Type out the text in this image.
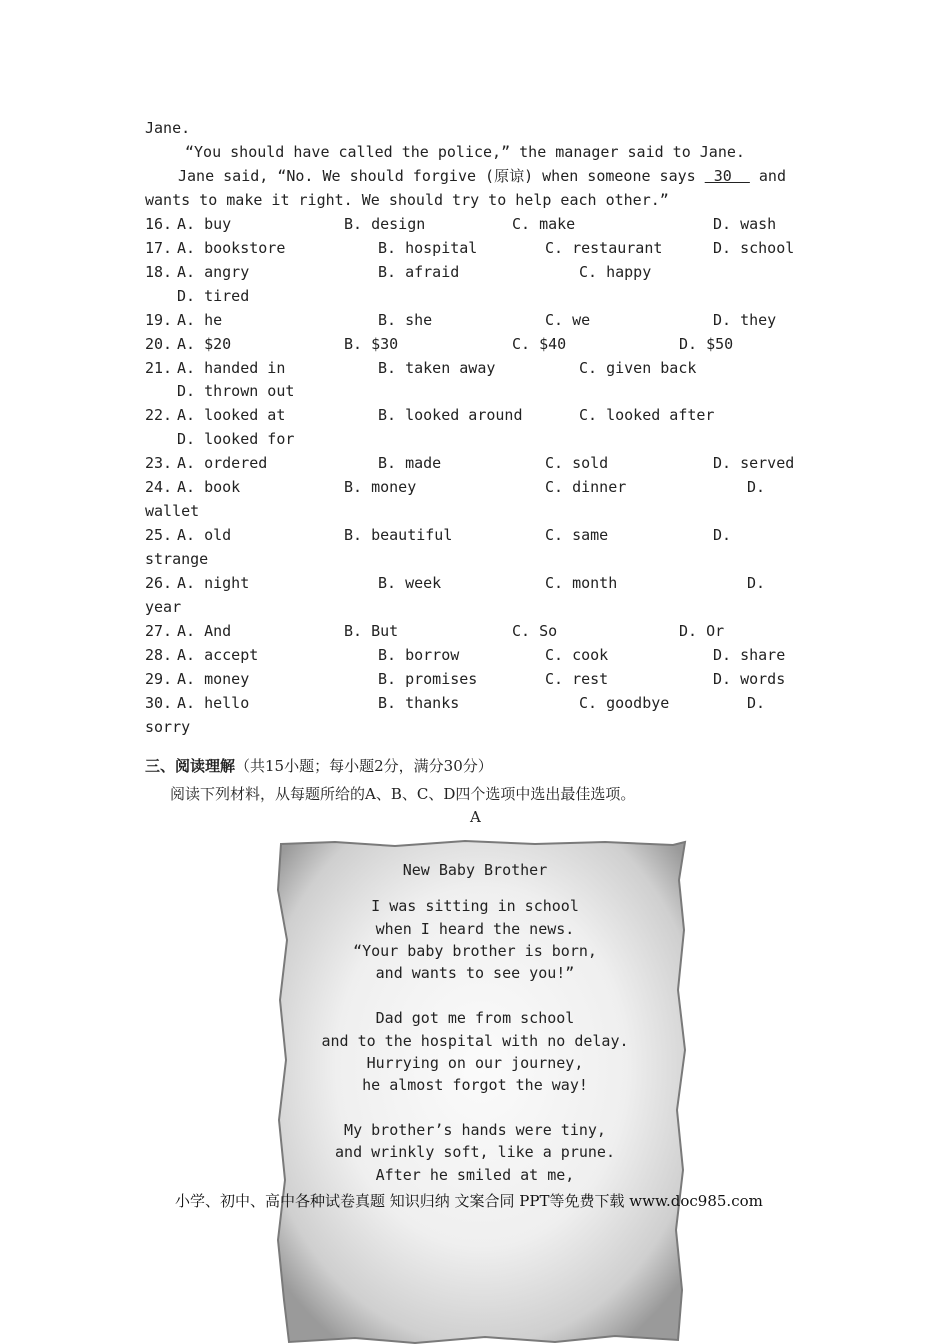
Jane.
“You should have called the police,” the manager said to Jane.
Jane said, “No. We should forgive (原谅) when someone says  30   and
wants to make it right. We should try to help each other.”
16. A. buy	B. design	C. make	D. wash
17. A. bookstore	B. hospital	C. restaurant	D. school
18. A. angry	B. afraid	C. happy
D. tired
19. A. he	B. she	C. we	D. they
20. A. $20	B. $30	C. $40	D. $50
21. A. handed in	B. taken away	C. given back
D. thrown out
22. A. looked at	B. looked around	C. looked after
D. looked for
23. A. ordered	B. made	C. sold	D. served
24. A. book	B. money	C. dinner	D.
wallet
25. A. old	B. beautiful	C. same	D.
strange
26. A. night	B. week	C. month	D.
year
27. A. And	B. But	C. So	D. Or
28. A. accept	B. borrow	C. cook	D. share
29. A. money	B. promises	C. rest	D. words
30. A. hello	B. thanks	C. goodbye	D.
sorry
三、阅读理解（共15小题；每小题2分，满分30分）
阅读下列材料，从每题所给的A、B、C、D四个选项中选出最佳选项。
A
New Baby Brother
I was sitting in school
when I heard the news.
“Your baby brother is born,
and wants to see you!”
Dad got me from school
and to the hospital with no delay.
Hurrying on our journey,
he almost forgot the way!
My brother’s hands were tiny,
and wrinkly soft, like a prune.
After he smiled at me,
小学、初中、高中各种试卷真题 知识归纳 文案合同 PPT等免费下载 www.doc985.com
